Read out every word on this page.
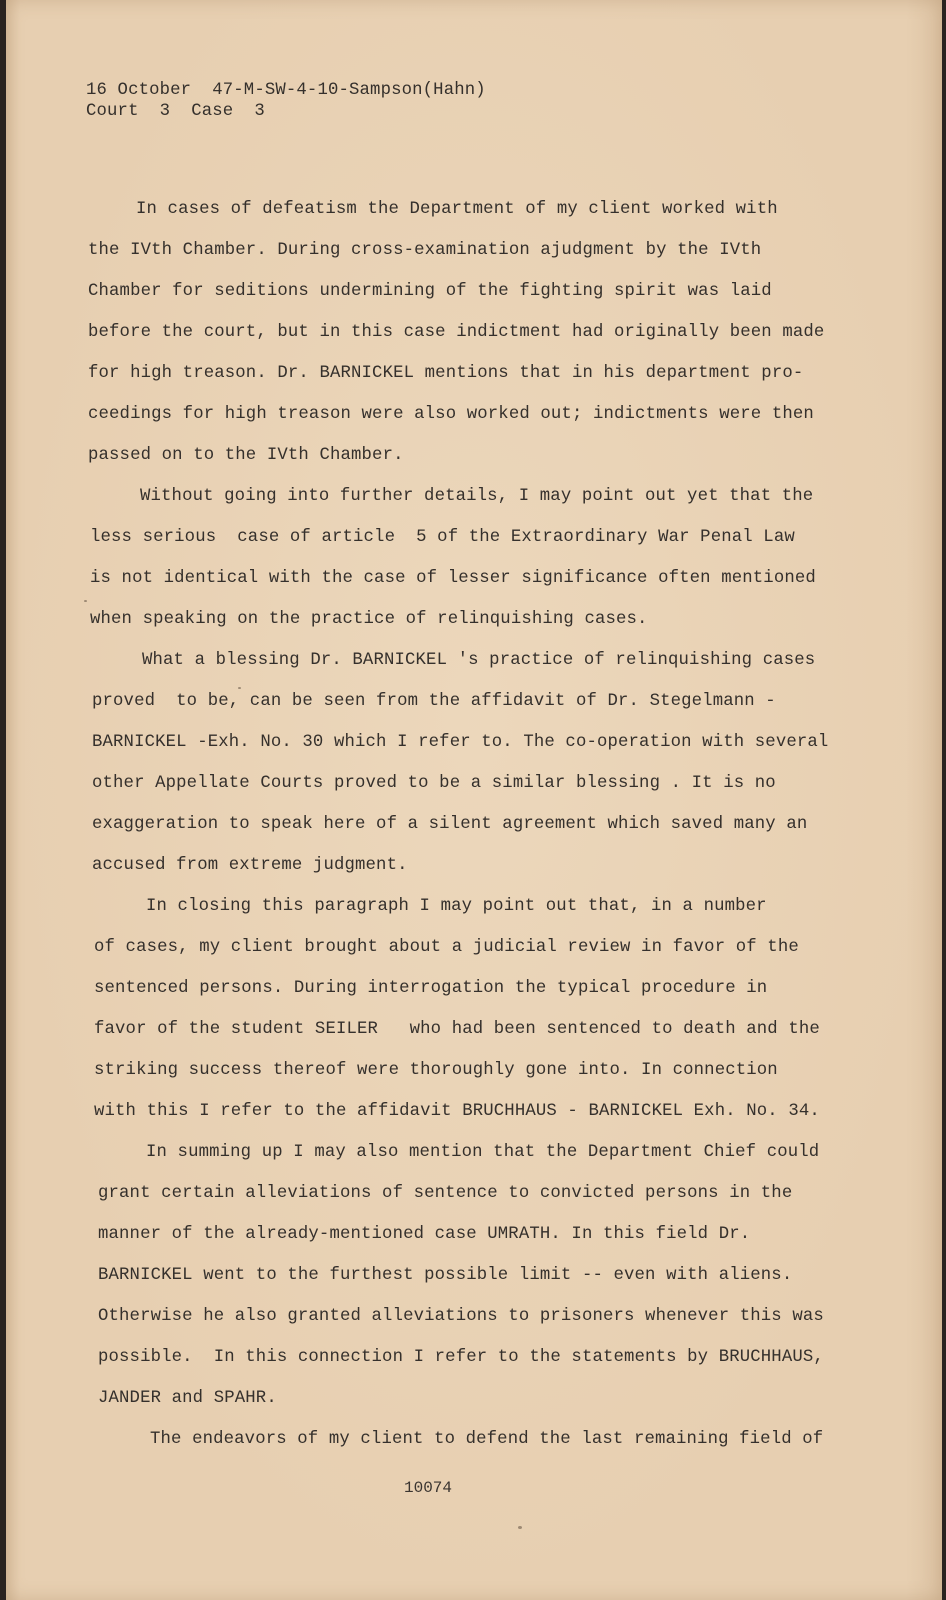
16 October  47-M-SW-4-10-Sampson(Hahn)
Court  3  Case  3
In cases of defeatism the Department of my client worked with
the IVth Chamber. During cross-examination ajudgment by the IVth
Chamber for seditions undermining of the fighting spirit was laid
before the court, but in this case indictment had originally been made
for high treason. Dr. BARNICKEL mentions that in his department pro-
ceedings for high treason were also worked out; indictments were then
passed on to the IVth Chamber.
Without going into further details, I may point out yet that the
less serious  case of article  5 of the Extraordinary War Penal Law
is not identical with the case of lesser significance often mentioned
when speaking on the practice of relinquishing cases.
What a blessing Dr. BARNICKEL 's practice of relinquishing cases
proved  to be, can be seen from the affidavit of Dr. Stegelmann -
BARNICKEL -Exh. No. 30 which I refer to. The co-operation with several
other Appellate Courts proved to be a similar blessing . It is no
exaggeration to speak here of a silent agreement which saved many an
accused from extreme judgment.
In closing this paragraph I may point out that, in a number
of cases, my client brought about a judicial review in favor of the
sentenced persons. During interrogation the typical procedure in
favor of the student SEILER   who had been sentenced to death and the
striking success thereof were thoroughly gone into. In connection
with this I refer to the affidavit BRUCHHAUS - BARNICKEL Exh. No. 34.
In summing up I may also mention that the Department Chief could
grant certain alleviations of sentence to convicted persons in the
manner of the already-mentioned case UMRATH. In this field Dr.
BARNICKEL went to the furthest possible limit -- even with aliens.
Otherwise he also granted alleviations to prisoners whenever this was
possible.  In this connection I refer to the statements by BRUCHHAUS,
JANDER and SPAHR.
The endeavors of my client to defend the last remaining field of
10074
